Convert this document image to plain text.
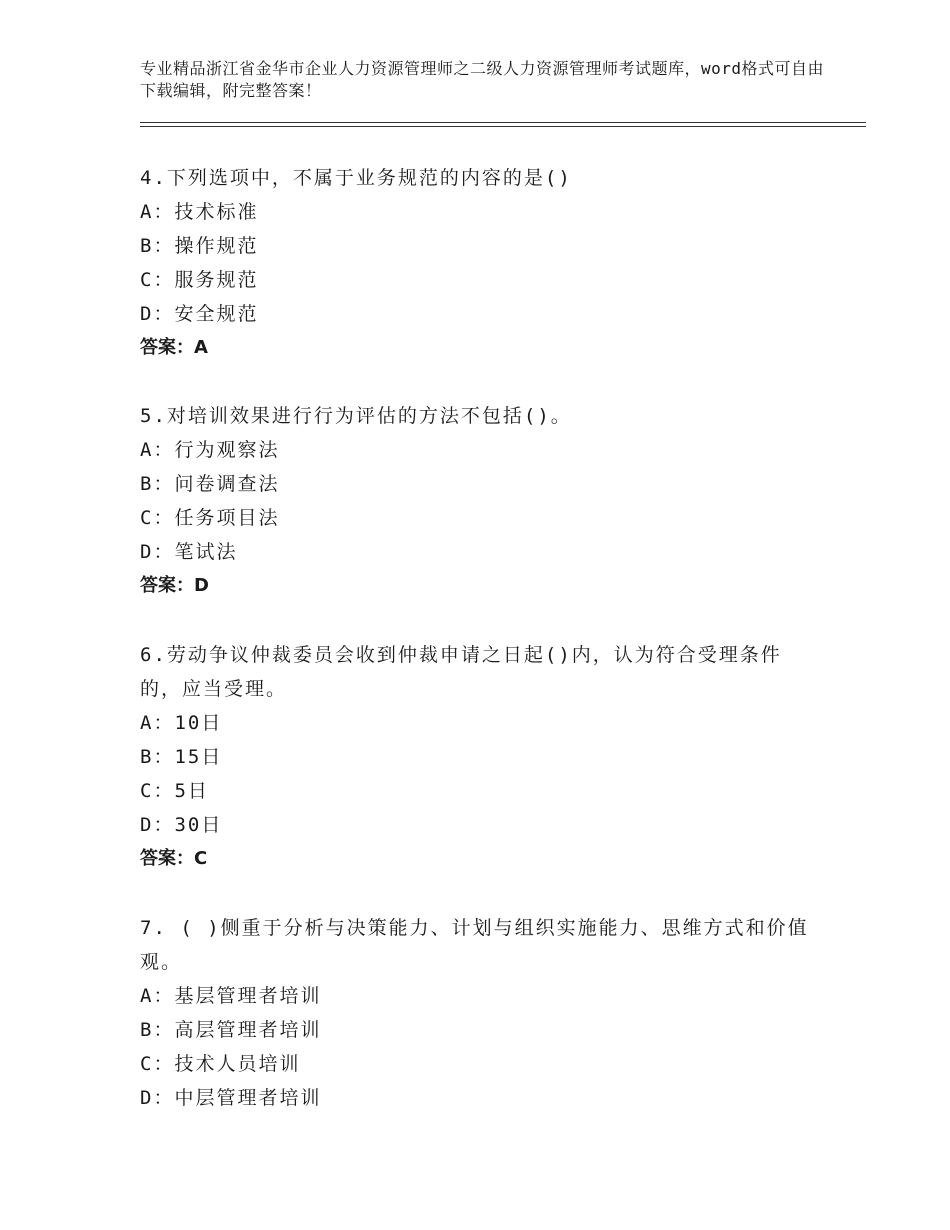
专业精品浙江省金华市企业人力资源管理师之二级人力资源管理师考试题库，word格式可自由下载编辑，附完整答案！

4.下列选项中，不属于业务规范的内容的是()

A： 技术标准

B： 操作规范

C： 服务规范

D： 安全规范

答案：A

5.对培训效果进行行为评估的方法不包括()。

A： 行为观察法

B： 问卷调查法

C： 任务项目法

D： 笔试法

答案：D

6.劳动争议仲裁委员会收到仲裁申请之日起()内，认为符合受理条件的，应当受理。

A： 10日

B： 15日

C： 5日

D： 30日

答案：C

7. ( )侧重于分析与决策能力、计划与组织实施能力、思维方式和价值观。

A： 基层管理者培训

B： 高层管理者培训

C： 技术人员培训

D： 中层管理者培训
